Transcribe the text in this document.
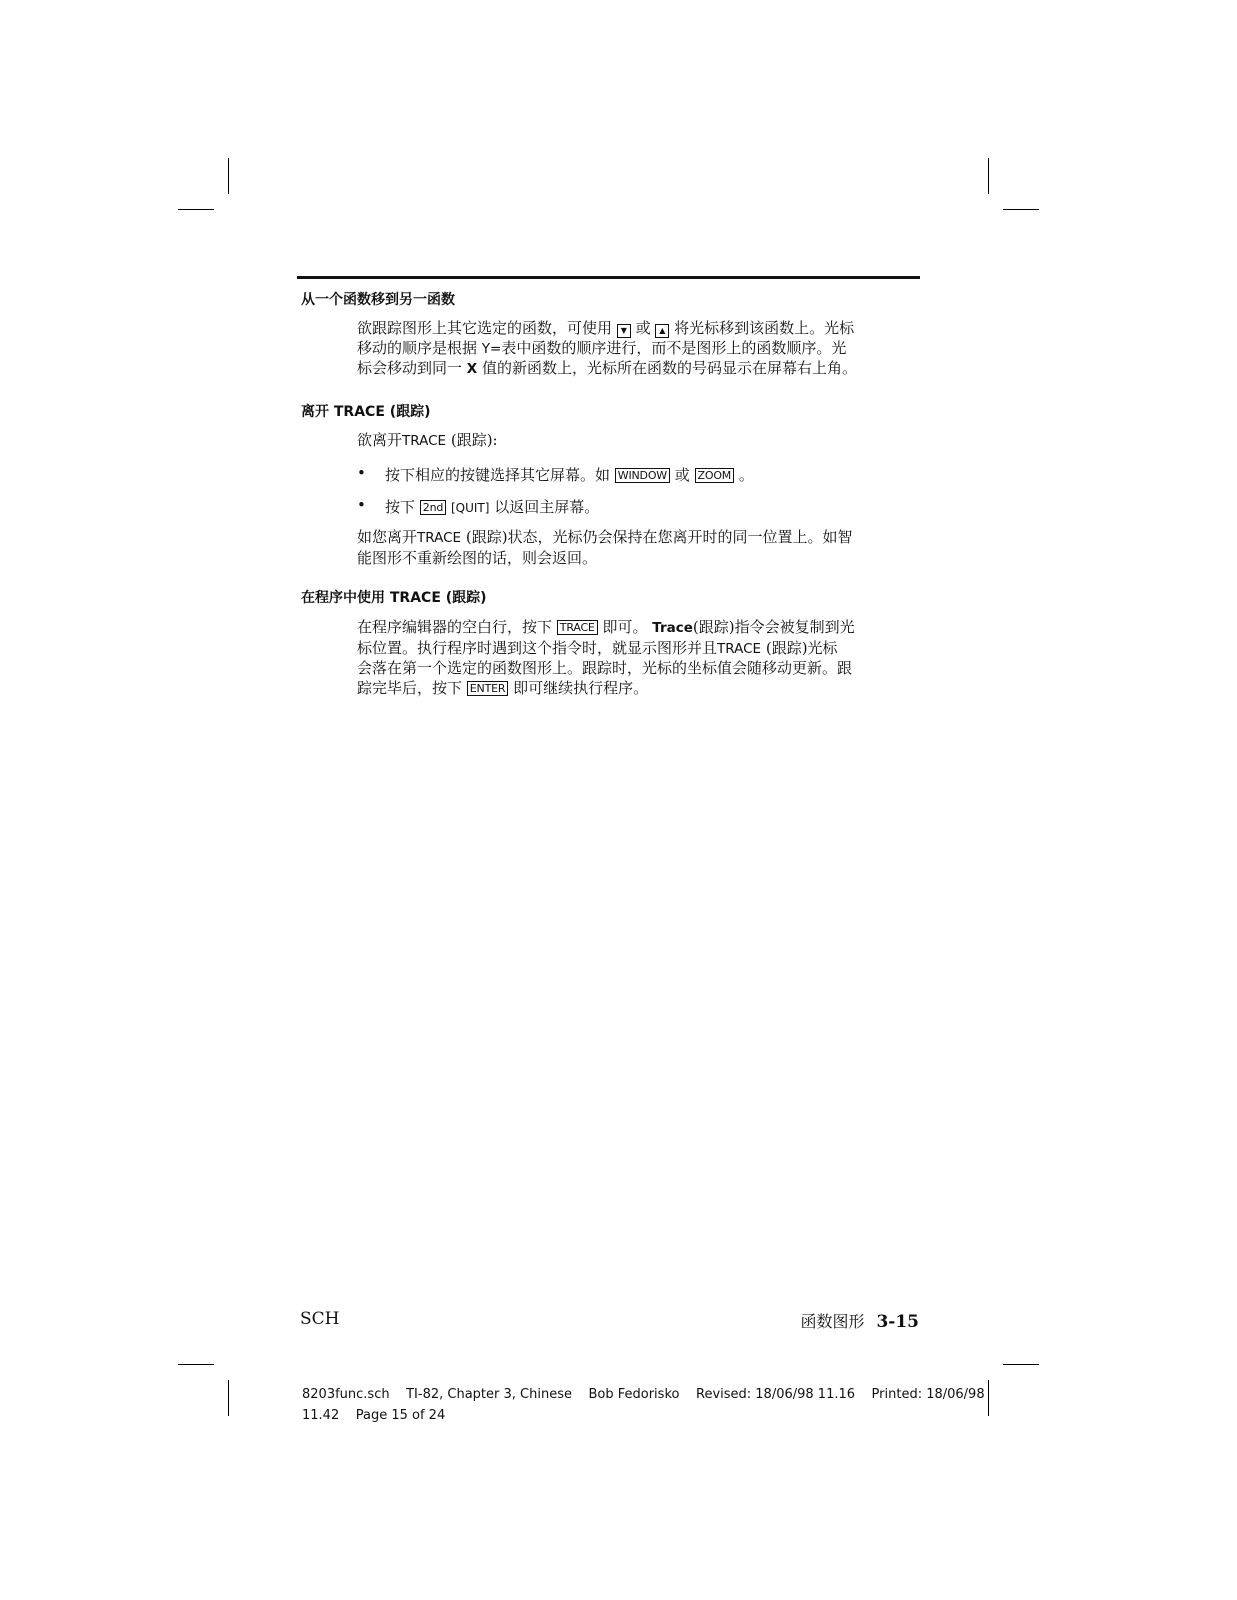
从一个函数移到另一函数
欲跟踪图形上其它选定的函数，可使用 ▼ 或 ▲ 将光标移到该函数上。光标
移动的顺序是根据 Y=表中函数的顺序进行，而不是图形上的函数顺序。光
标会移动到同一 X 值的新函数上，光标所在函数的号码显示在屏幕右上角。
离开 TRACE (跟踪)
欲离开TRACE (跟踪):
• 按下相应的按键选择其它屏幕。如 WINDOW 或 ZOOM 。
• 按下 2nd [QUIT] 以返回主屏幕。
如您离开TRACE (跟踪)状态，光标仍会保持在您离开时的同一位置上。如智
能图形不重新绘图的话，则会返回。
在程序中使用 TRACE (跟踪)
在程序编辑器的空白行，按下 TRACE 即可。 Trace(跟踪)指令会被复制到光
标位置。执行程序时遇到这个指令时，就显示图形并且TRACE (跟踪)光标
会落在第一个选定的函数图形上。跟踪时，光标的坐标值会随移动更新。跟
踪完毕后，按下 ENTER 即可继续执行程序。
SCH	函数图形 3-15
8203func.sch    TI-82, Chapter 3, Chinese    Bob Fedorisko    Revised: 18/06/98 11.16    Printed: 18/06/98
11.42    Page 15 of 24
